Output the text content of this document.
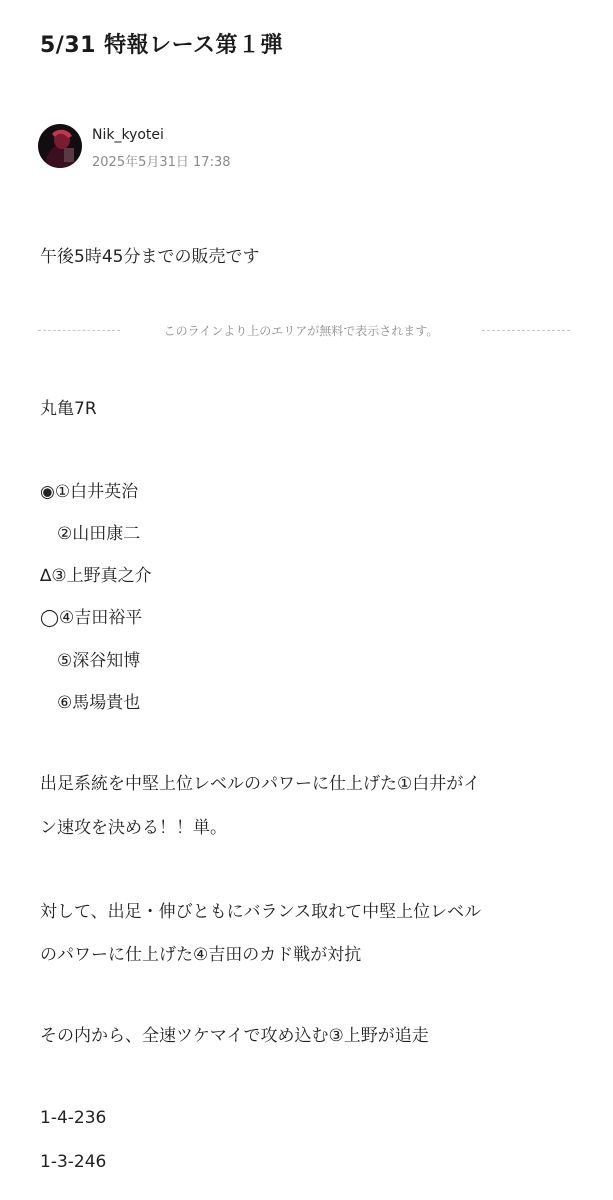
5/31 特報レース第１弾
Nik_kyotei
2025年5月31日 17:38
午後5時45分までの販売です
このラインより上のエリアが無料で表示されます。
丸亀7R
◉①白井英治
②山田康二
∆③上野真之介
◯④吉田裕平
⑤深谷知博
⑥馬場貴也
出足系統を中堅上位レベルのパワーに仕上げた①白井がイ
ン速攻を決める！！単。
対して、出足・伸びともにバランス取れて中堅上位レベル
のパワーに仕上げた④吉田のカド戦が対抗
その内から、全速ツケマイで攻め込む③上野が追走
1-4-236
1-3-246
